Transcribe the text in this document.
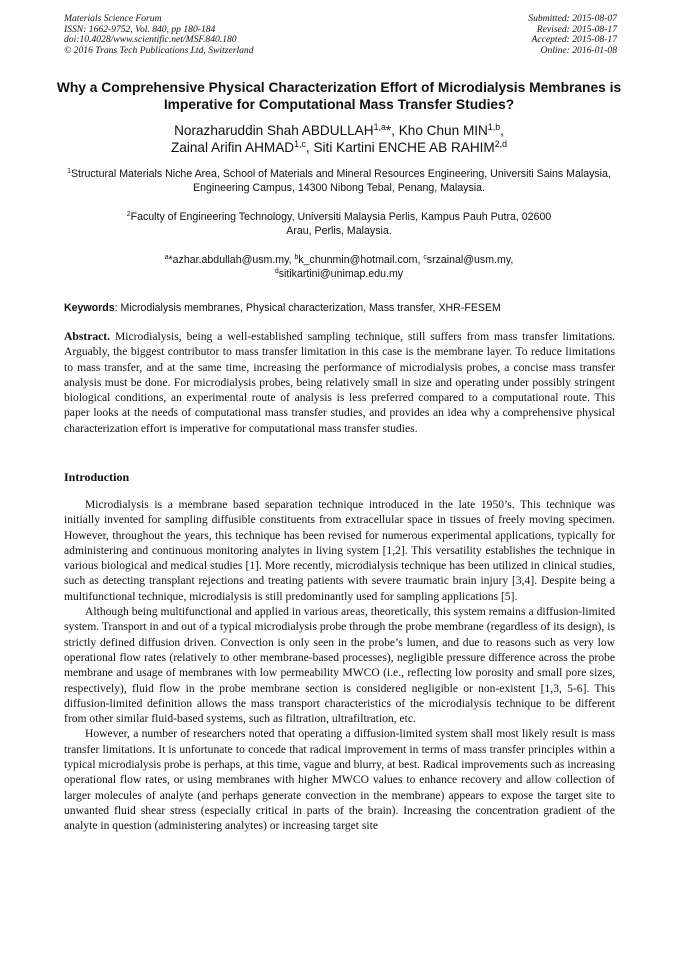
Materials Science Forum
ISSN: 1662-9752, Vol. 840, pp 180-184
doi:10.4028/www.scientific.net/MSF.840.180
© 2016 Trans Tech Publications Ltd, Switzerland
Submitted: 2015-08-07
Revised: 2015-08-17
Accepted: 2015-08-17
Online: 2016-01-08
Why a Comprehensive Physical Characterization Effort of Microdialysis Membranes is Imperative for Computational Mass Transfer Studies?
Norazharuddin Shah ABDULLAH$^{1,a}$*, Kho Chun MIN$^{1,b}$,
Zainal Arifin AHMAD$^{1,c}$, Siti Kartini ENCHE AB RAHIM$^{2,d}$
$^1$Structural Materials Niche Area, School of Materials and Mineral Resources Engineering, Universiti Sains Malaysia, Engineering Campus, 14300 Nibong Tebal, Penang, Malaysia.
$^2$Faculty of Engineering Technology, Universiti Malaysia Perlis, Kampus Pauh Putra, 02600 Arau, Perlis, Malaysia.
$^a$*azhar.abdullah@usm.my, $^b$k_chunmin@hotmail.com, $^c$srzainal@usm.my, $^d$sitikartini@unimap.edu.my
Keywords: Microdialysis membranes, Physical characterization, Mass transfer, XHR-FESEM

Abstract. Microdialysis, being a well-established sampling technique, still suffers from mass transfer limitations. Arguably, the biggest contributor to mass transfer limitation in this case is the membrane layer. To reduce limitations to mass transfer, and at the same time, increasing the performance of microdialysis probes, a concise mass transfer analysis must be done. For microdialysis probes, being relatively small in size and operating under possibly stringent biological conditions, an experimental route of analysis is less preferred compared to a computational route. This paper looks at the needs of computational mass transfer studies, and provides an idea why a comprehensive physical characterization effort is imperative for computational mass transfer studies.

Introduction

Microdialysis is a membrane based separation technique introduced in the late 1950’s. This technique was initially invented for sampling diffusible constituents from extracellular space in tissues of freely moving specimen. However, throughout the years, this technique has been revised for numerous experimental applications, typically for administering and continuous monitoring analytes in living system [1,2]. This versatility establishes the technique in various biological and medical studies [1]. More recently, microdialysis technique has been utilized in clinical studies, such as detecting transplant rejections and treating patients with severe traumatic brain injury [3,4]. Despite being a multifunctional technique, microdialysis is still predominantly used for sampling applications [5].

Although being multifunctional and applied in various areas, theoretically, this system remains a diffusion-limited system. Transport in and out of a typical microdialysis probe through the probe membrane (regardless of its design), is strictly defined diffusion driven. Convection is only seen in the probe’s lumen, and due to reasons such as very low operational flow rates (relatively to other membrane-based processes), negligible pressure difference across the probe membrane and usage of membranes with low permeability MWCO (i.e., reflecting low porosity and small pore sizes, respectively), fluid flow in the probe membrane section is considered negligible or non-existent [1,3, 5-6]. This diffusion-limited definition allows the mass transport characteristics of the microdialysis technique to be different from other similar fluid-based systems, such as filtration, ultrafiltration, etc.

However, a number of researchers noted that operating a diffusion-limited system shall most likely result is mass transfer limitations. It is unfortunate to concede that radical improvement in terms of mass transfer principles within a typical microdialysis probe is perhaps, at this time, vague and blurry, at best. Radical improvements such as increasing operational flow rates, or using membranes with higher MWCO values to enhance recovery and allow collection of larger molecules of analyte (and perhaps generate convection in the membrane) appears to expose the target site to unwanted fluid shear stress (especially critical in parts of the brain). Increasing the concentration gradient of the analyte in question (administering analytes) or increasing target site
